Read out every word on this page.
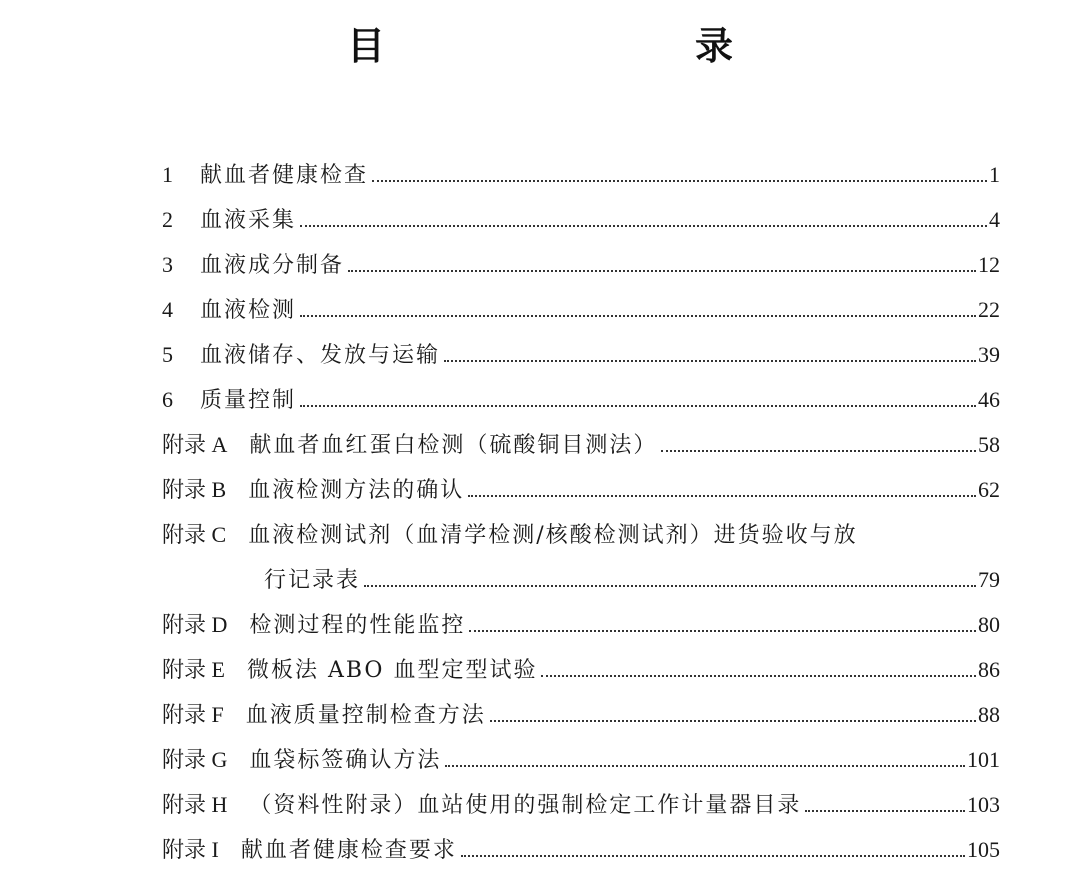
目　　录
1	献血者健康检查	1
2	血液采集	4
3	血液成分制备	12
4	血液检测	22
5	血液储存、发放与运输	39
6	质量控制	46
附录 A 献血者血红蛋白检测（硫酸铜目测法）	58
附录 B 血液检测方法的确认	62
附录 C 血液检测试剂（血清学检测/核酸检测试剂）进货验收与放
行记录表	79
附录 D 检测过程的性能监控	80
附录 E 微板法 ABO 血型定型试验	86
附录 F 血液质量控制检查方法	88
附录 G 血袋标签确认方法	101
附录 H （资料性附录）血站使用的强制检定工作计量器目录	103
附录 I 献血者健康检查要求	105
